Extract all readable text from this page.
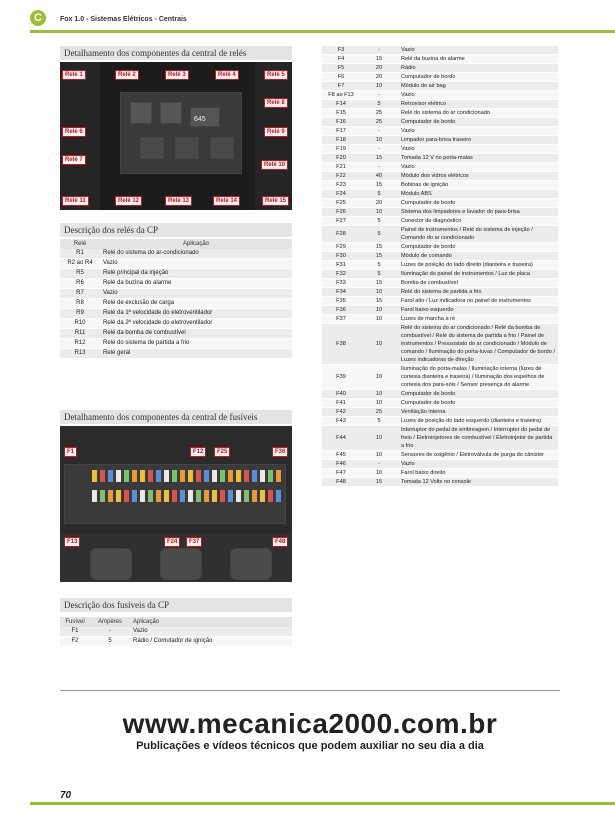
C	Fox 1.0 - Sistemas Elétricos - Centrais
Detalhamento dos componentes da central de relés
645
Relé 1	Relé 2	Relé 3	Relé 4	Relé 5
Relé 6
Relé 7
Relé 8
Relé 9
Relé 10
Relé 11	Relé 12	Relé 13	Relé 14	Relé 15
Descrição dos relés da CP
Relé	Aplicação
R1	Relé do sistema do ar-condicionado
R2 ao R4	Vazio
R5	Relé principal da injeção
R6	Relé da buzina do alarme
R7	Vazio
R8	Relé de exclusão de carga
R9	Relé da 1ª velocidade do eletroventilador
R10	Relé da 2ª velocidade do eletroventilador
R11	Relé da bomba de combustível
R12	Relé do sistema de partida a frio
R13	Relé geral
Detalhamento dos componentes da central de fusíveis
F1	F12	F25	F36
F13	F24	F37	F48
Descrição dos fusíveis da CP
Fusível	Ampères	Aplicação
F1	-	Vazio
F2	5	Rádio / Comutador de ignição
F3	-	Vazio
F4	15	Relé da buzina do alarme
F5	20	Rádio
F6	20	Computador de bordo
F7	10	Módulo do air bag
F8 ao F13	-	Vazio
F14	5	Retrovisor elétrico
F15	25	Relé do sistema do ar condicionado
F16	25	Computador de bordo
F17	-	Vazio
F18	10	Limpador para-brisa traseiro
F19	-	Vazio
F20	15	Tomada 12 V no porta-malas
F21	-	Vazio
F22	40	Módulo dos vidros elétricos
F23	15	Bobinas de ignição
F24	5	Módulo ABS
F25	20	Computador de bordo
F26	10	Sistema dos limpadores e lavador do para-brisa
F27	5	Conector de diagnóstico
F28	5	Painel de instrumentos / Relé do sistema de injeção / Comando do ar condicionado
F29	15	Computador de bordo
F30	15	Módulo de comando
F31	5	Luzes de posição do lado direito (dianteira e traseira)
F32	5	Iluminação do painel de instrumentos / Luz de placa
F33	15	Bomba de combustível
F34	10	Relé do sistema de partida a frio
F35	15	Farol alto / Luz indicadora no painel de instrumentos
F36	10	Farol baixo esquerdo
F37	10	Luzes de marcha a ré
F38	10	Relé do sistema do ar condicionado / Relé da bomba de combustível / Relé do sistema de partida a frio / Painel de instrumentos / Pressostato do ar condicionado / Módulo de comando / Iluminação do porta-luvas / Computador de bordo / Luzes indicadoras de direção
F39	10	Iluminação do porta-malas / Iluminação interna (luzes de cortesia dianteira e traseira) / Iluminação dos espelhos de cortesia dos para-sóis / Sensor presença do alarme
F40	10	Computador de bordo
F41	10	Computador de bordo
F42	25	Ventilação interna
F43	5	Luzes de posição do lado esquerdo (dianteira e traseira)
F44	10	Interruptor do pedal de embreagem / Interruptor do pedal de freio / Eletroinjetores de combustível / Eletroinjetor de partida a frio
F45	10	Sensores de oxigênio / Eletroválvula de purga do cânister
F46	-	Vazio
F47	10	Farol baixo direito
F48	15	Tomada 12 Volts no console
www.mecanica2000.com.br
Publicações e vídeos técnicos que podem auxiliar no seu dia a dia
70
